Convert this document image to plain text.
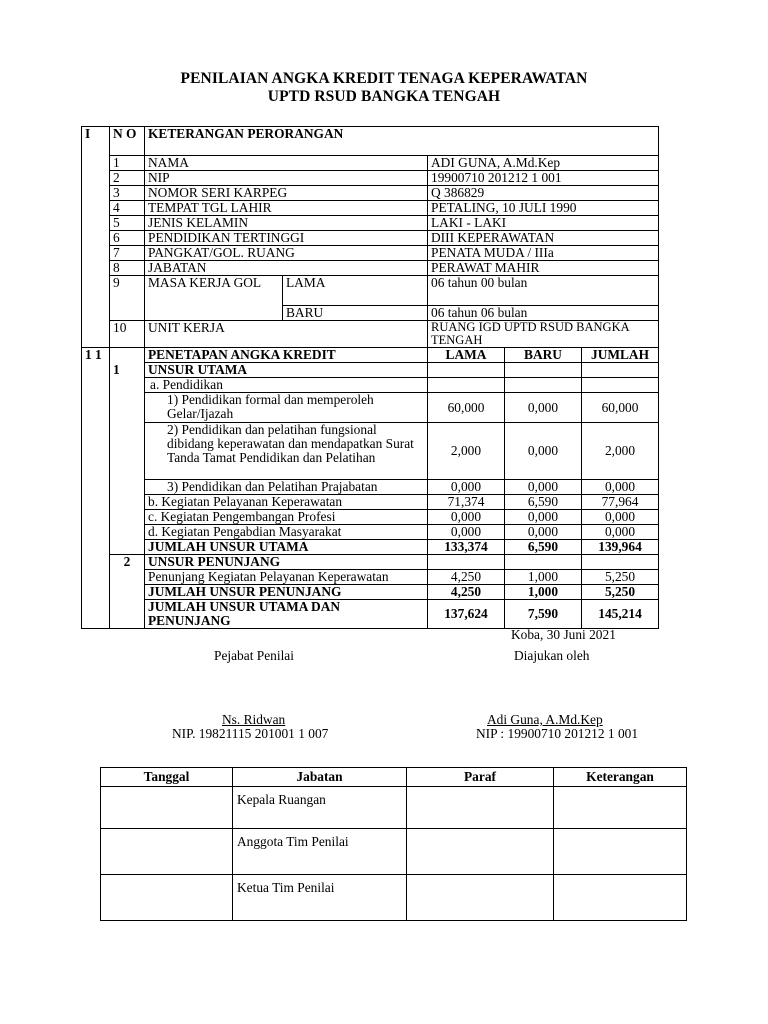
PENILAIAN ANGKA KREDIT TENAGA KEPERAWATAN
UPTD RSUD BANGKA TENGAH
I	N O	KETERANGAN PERORANGAN				
	1	NAMA		ADI GUNA, A.Md.Kep		
	2	NIP		19900710 201212 1 001		
	3	NOMOR SERI KARPEG		Q 386829		
	4	TEMPAT TGL LAHIR		PETALING, 10 JULI 1990		
	5	JENIS KELAMIN		LAKI - LAKI		
	6	PENDIDIKAN TERTINGGI		DIII KEPERAWATAN		
	7	PANGKAT/GOL. RUANG		PENATA MUDA / IIIa		
	8	JABATAN		PERAWAT MAHIR		
	9	MASA KERJA GOL	LAMA	06 tahun 00 bulan		
			BARU	06 tahun 06 bulan		
	10	UNIT KERJA		RUANG IGD UPTD RSUD BANGKA TENGAH		
1 1		PENETAPAN ANGKA KREDIT		LAMA	BARU	JUMLAH
	1	UNSUR UTAMA				
		a. Pendidikan				
		1) Pendidikan formal dan memperoleh Gelar/Ijazah		60,000	0,000	60,000
		2) Pendidikan dan pelatihan fungsional dibidang keperawatan dan mendapatkan Surat Tanda Tamat Pendidikan dan Pelatihan		2,000	0,000	2,000
		3) Pendidikan dan Pelatihan Prajabatan		0,000	0,000	0,000
		b. Kegiatan Pelayanan Keperawatan		71,374	6,590	77,964
		c. Kegiatan Pengembangan Profesi		0,000	0,000	0,000
		d. Kegiatan Pengabdian Masyarakat		0,000	0,000	0,000
		JUMLAH UNSUR UTAMA		133,374	6,590	139,964
	2	UNSUR PENUNJANG				
		Penunjang Kegiatan Pelayanan Keperawatan		4,250	1,000	5,250
		JUMLAH UNSUR PENUNJANG		4,250	1,000	5,250
		JUMLAH UNSUR UTAMA DAN PENUNJANG		137,624	7,590	145,214
Koba, 30 Juni 2021
Pejabat Penilai	Diajukan oleh
Ns. Ridwan
NIP. 19821115 201001 1 007
Adi Guna, A.Md.Kep
NIP : 19900710 201212 1 001
Tanggal	Jabatan	Paraf	Keterangan
	Kepala Ruangan		
	Anggota Tim Penilai		
	Ketua Tim Penilai		
